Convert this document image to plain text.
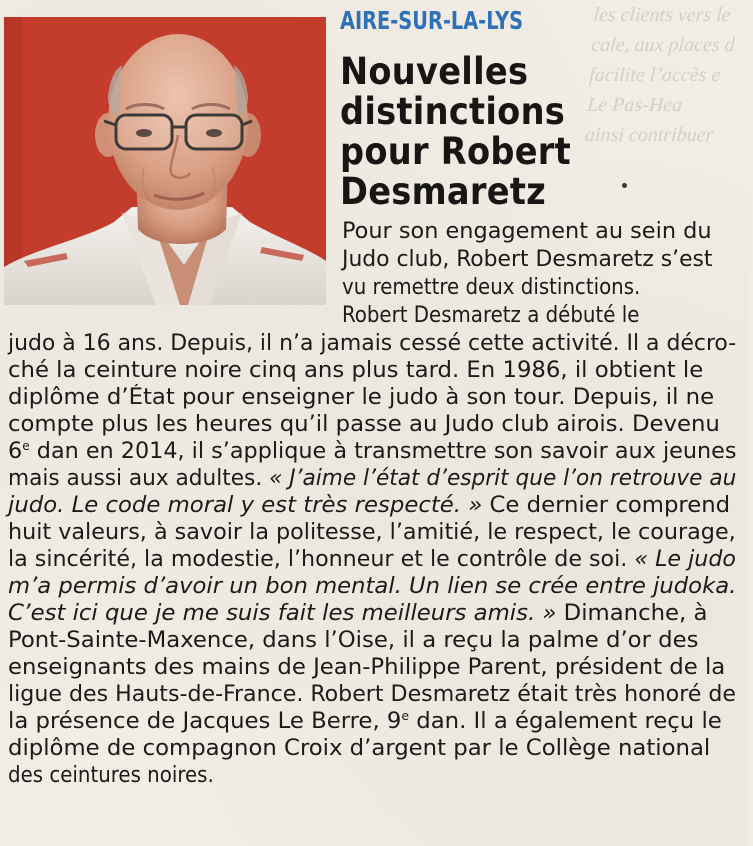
les clients vers le
cale, aux places d
facilite l’accès e
Le Pas-Hea
ainsi contribuer
AIRE-SUR-LA-LYS
Nouvelles
distinctions
pour Robert
Desmaretz
Pour son engagement au sein du
Judo club, Robert Desmaretz s’est
vu remettre deux distinctions.
Robert Desmaretz a débuté le
judo à 16 ans. Depuis, il n’a jamais cessé cette activité. Il a décro-
ché la ceinture noire cinq ans plus tard. En 1986, il obtient le
diplôme d’État pour enseigner le judo à son tour. Depuis, il ne
compte plus les heures qu’il passe au Judo club airois. Devenu
6e dan en 2014, il s’applique à transmettre son savoir aux jeunes
mais aussi aux adultes. « J’aime l’état d’esprit que l’on retrouve au
judo. Le code moral y est très respecté. » Ce dernier comprend
huit valeurs, à savoir la politesse, l’amitié, le respect, le courage,
la sincérité, la modestie, l’honneur et le contrôle de soi. « Le judo
m’a permis d’avoir un bon mental. Un lien se crée entre judoka.
C’est ici que je me suis fait les meilleurs amis. » Dimanche, à
Pont-Sainte-Maxence, dans l’Oise, il a reçu la palme d’or des
enseignants des mains de Jean-Philippe Parent, président de la
ligue des Hauts-de-France. Robert Desmaretz était très honoré de
la présence de Jacques Le Berre, 9e dan. Il a également reçu le
diplôme de compagnon Croix d’argent par le Collège national
des ceintures noires.
